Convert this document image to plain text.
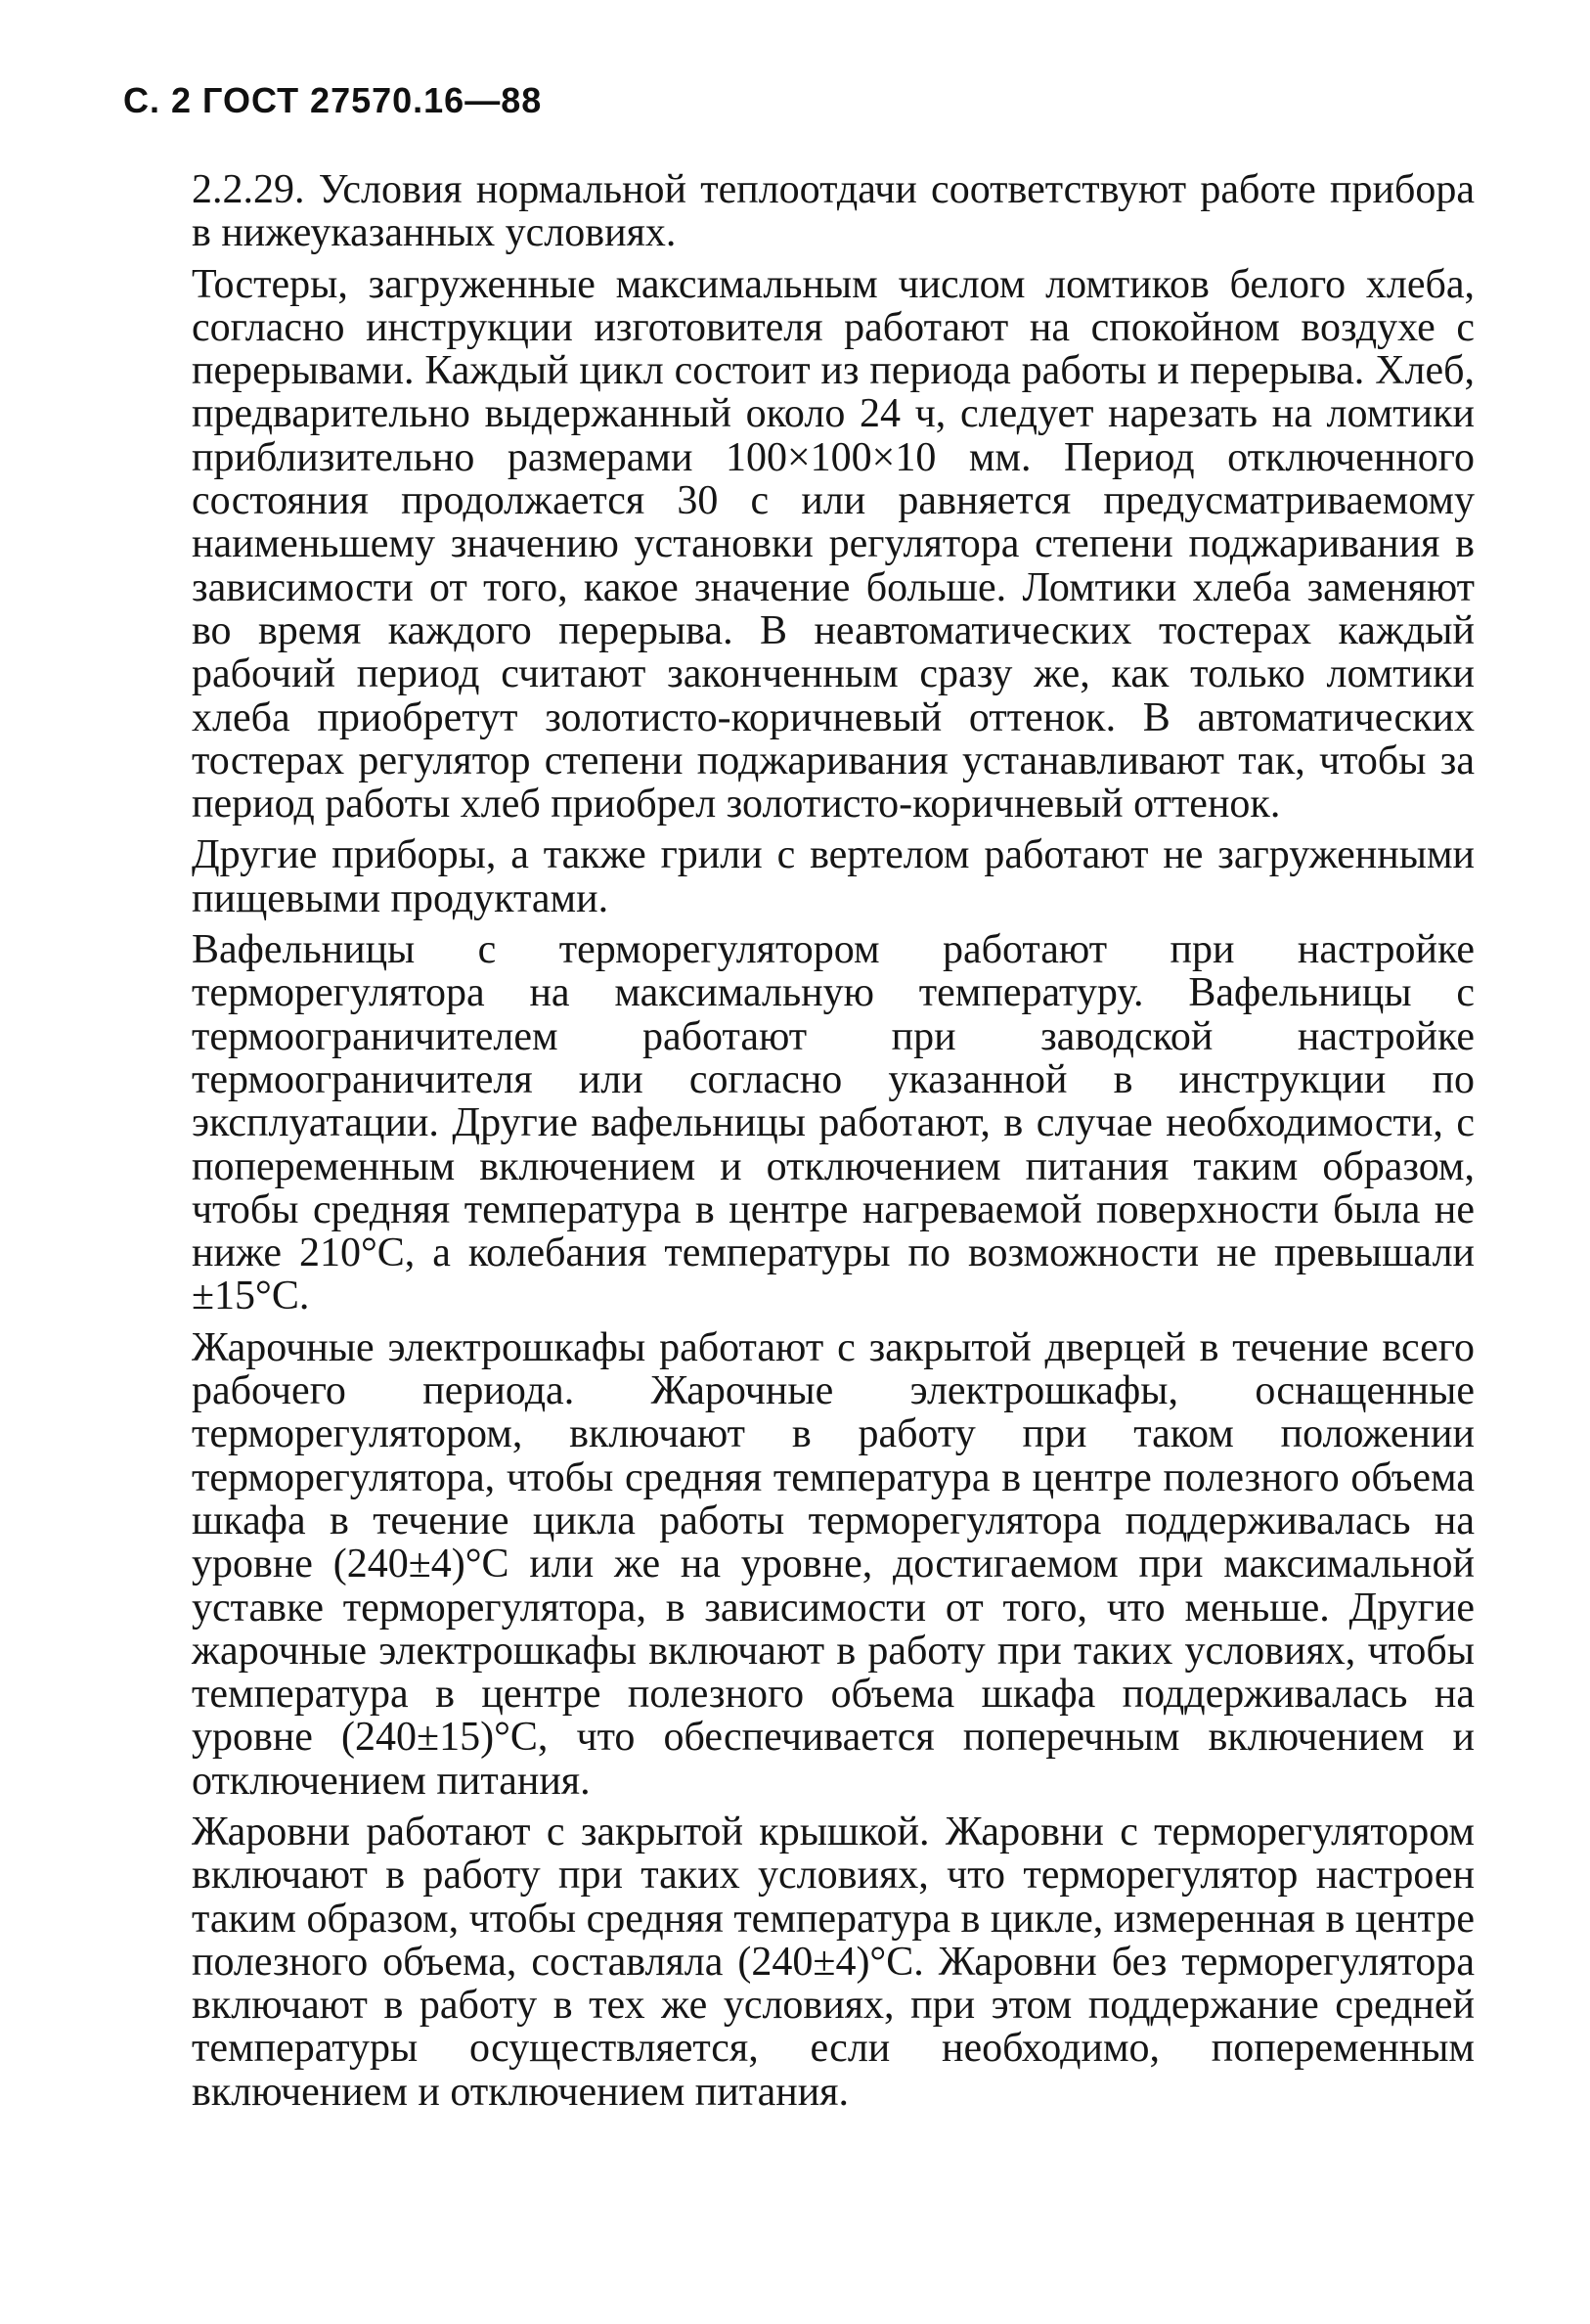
С. 2 ГОСТ 27570.16—88

2.2.29. Условия нормальной теплоотдачи соответствуют работе прибора в нижеуказанных условиях.

Тостеры, загруженные максимальным числом ломтиков белого хлеба, согласно инструкции изготовителя работают на спокойном воздухе с перерывами. Каждый цикл состоит из периода работы и перерыва. Хлеб, предварительно выдержанный около 24 ч, следует нарезать на ломтики приблизительно размерами 100×100×10 мм. Период отключенного состояния продолжается 30 с или равняется предусматриваемому наименьшему значению установки регулятора степени поджаривания в зависимости от того, какое значение больше. Ломтики хлеба заменяют во время каждого перерыва. В неавтоматических тостерах каждый рабочий период считают законченным сразу же, как только ломтики хлеба приобретут золотисто-коричневый оттенок. В автоматических тостерах регулятор степени поджаривания устанавливают так, чтобы за период работы хлеб приобрел золотисто-коричневый оттенок.

Другие приборы, а также грили с вертелом работают не загруженными пищевыми продуктами.

Вафельницы с терморегулятором работают при настройке терморегулятора на максимальную температуру. Вафельницы с термоограничителем работают при заводской настройке термоограничителя или согласно указанной в инструкции по эксплуатации. Другие вафельницы работают, в случае необходимости, с попеременным включением и отключением питания таким образом, чтобы средняя температура в центре нагреваемой поверхности была не ниже 210°С, а колебания температуры по возможности не превышали ±15°С.

Жарочные электрошкафы работают с закрытой дверцей в течение всего рабочего периода. Жарочные электрошкафы, оснащенные терморегулятором, включают в работу при таком положении терморегулятора, чтобы средняя температура в центре полезного объема шкафа в течение цикла работы терморегулятора поддерживалась на уровне (240±4)°С или же на уровне, достигаемом при максимальной уставке терморегулятора, в зависимости от того, что меньше. Другие жарочные электрошкафы включают в работу при таких условиях, чтобы температура в центре полезного объема шкафа поддерживалась на уровне (240±15)°С, что обеспечивается поперечным включением и отключением питания.

Жаровни работают с закрытой крышкой. Жаровни с терморегулятором включают в работу при таких условиях, что терморегулятор настроен таким образом, чтобы средняя температура в цикле, измеренная в центре полезного объема, составляла (240±4)°С. Жаровни без терморегулятора включают в работу в тех же условиях, при этом поддержание средней температуры осуществляется, если необходимо, попеременным включением и отключением питания.
